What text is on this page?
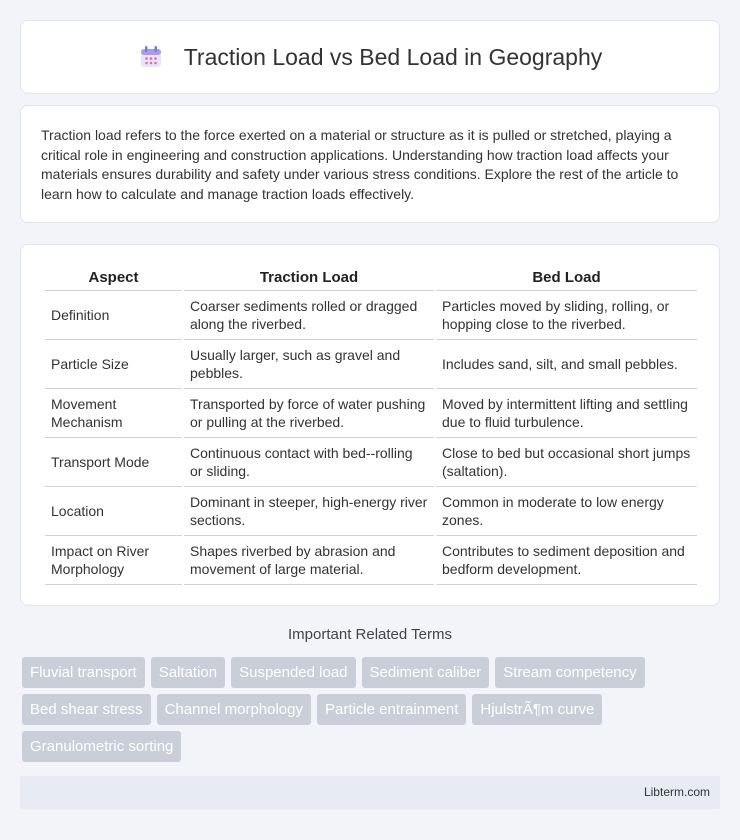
Traction Load vs Bed Load in Geography

Traction load refers to the force exerted on a material or structure as it is pulled or stretched, playing a critical role in engineering and construction applications. Understanding how traction load affects your materials ensures durability and safety under various stress conditions. Explore the rest of the article to learn how to calculate and manage traction loads effectively.

Aspect	Traction Load	Bed Load
Definition	Coarser sediments rolled or dragged along the riverbed.	Particles moved by sliding, rolling, or hopping close to the riverbed.
Particle Size	Usually larger, such as gravel and pebbles.	Includes sand, silt, and small pebbles.
Movement Mechanism	Transported by force of water pushing or pulling at the riverbed.	Moved by intermittent lifting and settling due to fluid turbulence.
Transport Mode	Continuous contact with bed--rolling or sliding.	Close to bed but occasional short jumps (saltation).
Location	Dominant in steeper, high-energy river sections.	Common in moderate to low energy zones.
Impact on River Morphology	Shapes riverbed by abrasion and movement of large material.	Contributes to sediment deposition and bedform development.
Important Related Terms
Fluvial transport	Saltation	Suspended load	Sediment caliber	Stream competency
Bed shear stress	Channel morphology	Particle entrainment	HjulstrÃ¶m curve
Granulometric sorting
Libterm.com
